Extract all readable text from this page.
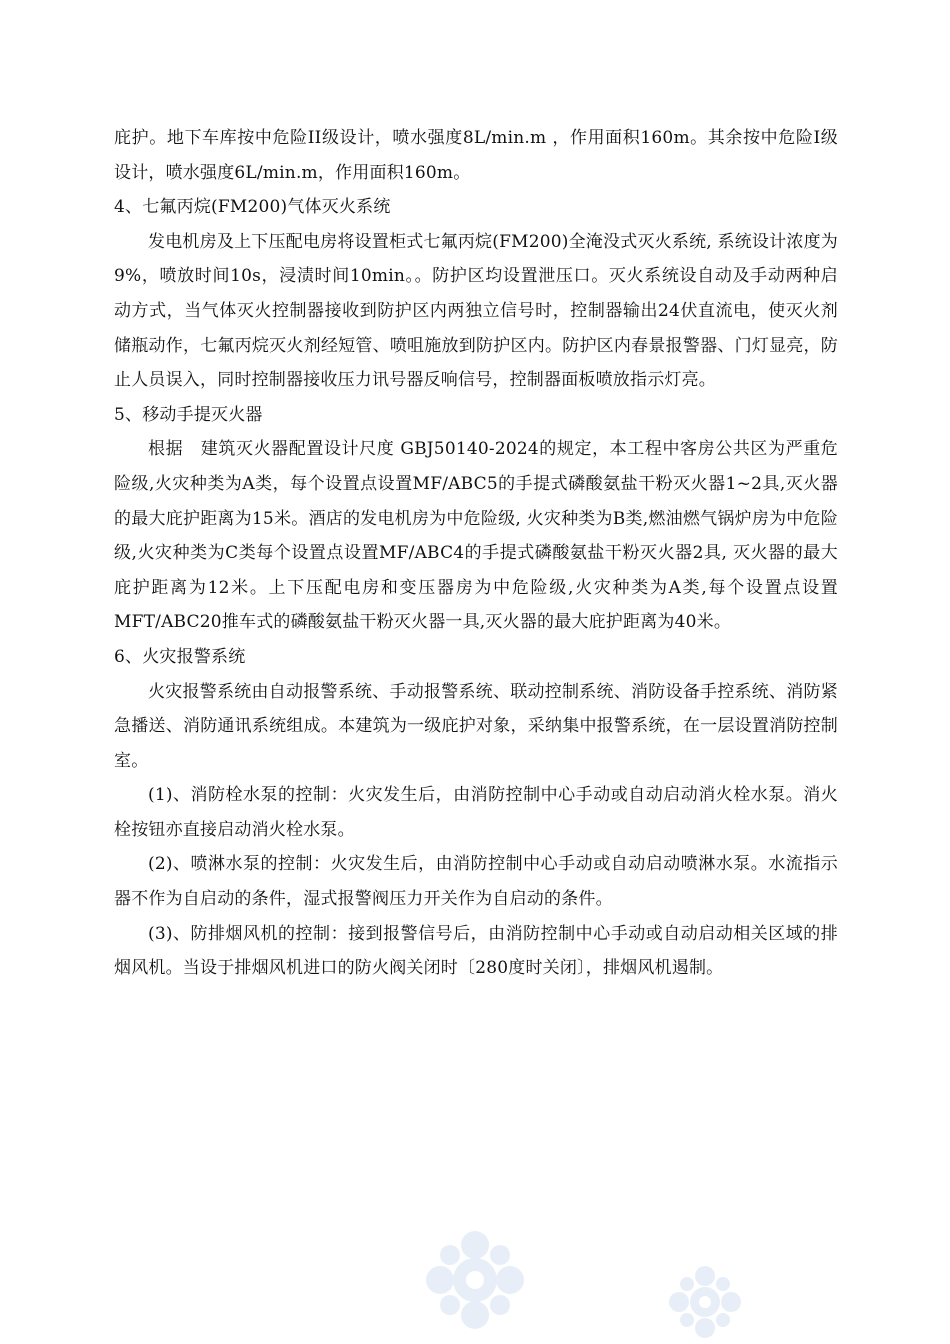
庇护。地下车库按中危险II级设计，喷水强度8L/min.m ，作用面积160m。其余按中危险Ⅰ级设计，喷水强度6L/min.m，作用面积160m。

4、七氟丙烷(FM200)气体灭火系统

发电机房及上下压配电房将设置柜式七氟丙烷(FM200)全淹没式灭火系统, 系统设计浓度为9%，喷放时间10s，浸渍时间10min。。防护区均设置泄压口。灭火系统设自动及手动两种启动方式，当气体灭火控制器接收到防护区内两独立信号时，控制器输出24伏直流电，使灭火剂储瓶动作，七氟丙烷灭火剂经短管、喷咀施放到防护区内。防护区内春景报警器、门灯显亮，防止人员误入，同时控制器接收压力讯号器反响信号，控制器面板喷放指示灯亮。

5、移动手提灭火器

根据　建筑灭火器配置设计尺度 GBJ50140-2024的规定，本工程中客房公共区为严重危险级,火灾种类为A类，每个设置点设置MF/ABC5的手提式磷酸氨盐干粉灭火器1~2具,灭火器的最大庇护距离为15米。酒店的发电机房为中危险级, 火灾种类为B类,燃油燃气锅炉房为中危险级,火灾种类为C类每个设置点设置MF/ABC4的手提式磷酸氨盐干粉灭火器2具, 灭火器的最大庇护距离为12米。上下压配电房和变压器房为中危险级,火灾种类为A类,每个设置点设置MFT/ABC20推车式的磷酸氨盐干粉灭火器一具,灭火器的最大庇护距离为40米。

6、火灾报警系统

火灾报警系统由自动报警系统、手动报警系统、联动控制系统、消防设备手控系统、消防紧急播送、消防通讯系统组成。本建筑为一级庇护对象，采纳集中报警系统，在一层设置消防控制室。

(1)、消防栓水泵的控制：火灾发生后，由消防控制中心手动或自动启动消火栓水泵。消火栓按钮亦直接启动消火栓水泵。

(2)、喷淋水泵的控制：火灾发生后，由消防控制中心手动或自动启动喷淋水泵。水流指示器不作为自启动的条件，湿式报警阀压力开关作为自启动的条件。

(3)、防排烟风机的控制：接到报警信号后，由消防控制中心手动或自动启动相关区域的排烟风机。当设于排烟风机进口的防火阀关闭时〔280度时关闭〕，排烟风机遏制。
